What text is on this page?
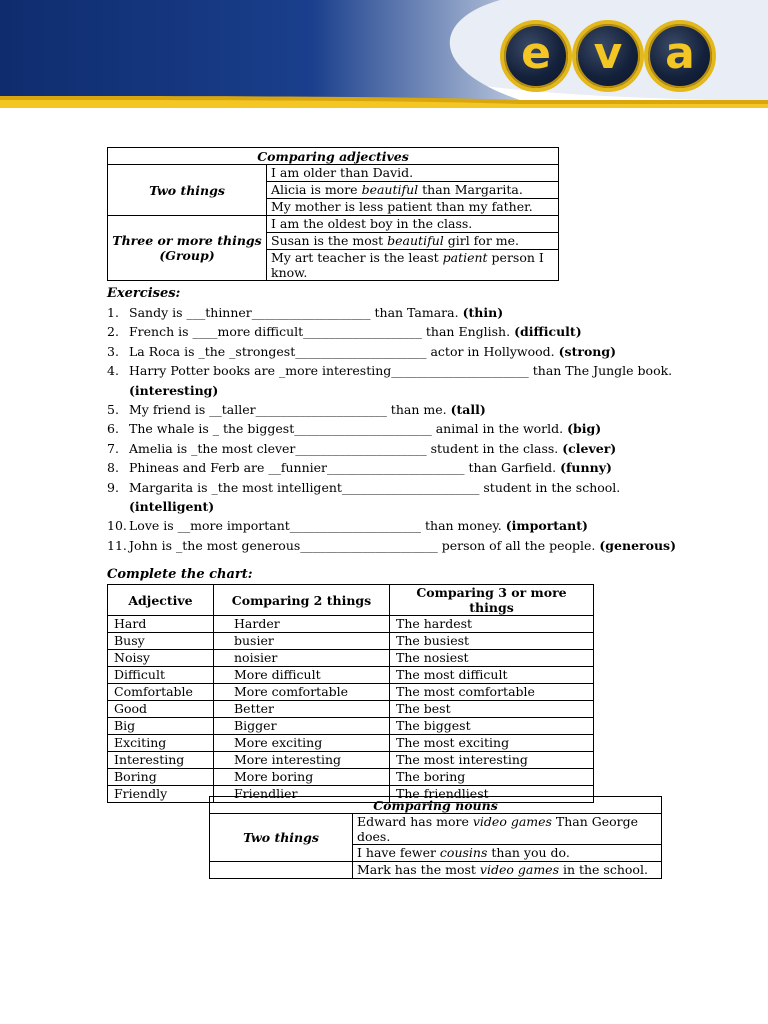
e v a
Comparing adjectives	
Two things	I am older than David.
	Alicia is more beautiful than Margarita.
	My mother is less patient than my father.
Three or more things
(Group)	I am the oldest boy in the class.
	Susan is the most beautiful girl for me.
	My art teacher is the least patient person I know.
Exercises:
1. Sandy is ___thinner___________________ than Tamara. (thin)
2. French is ____more difficult___________________ than English. (difficult)
3. La Roca is _the _strongest_____________________ actor in Hollywood. (strong)
4. Harry Potter books are _more interesting______________________ than The Jungle book.
(interesting)
5. My friend is __taller_____________________ than me. (tall)
6. The whale is _ the biggest______________________ animal in the world. (big)
7. Amelia is _the most clever_____________________ student in the class. (clever)
8. Phineas and Ferb are __funnier______________________ than Garfield. (funny)
9. Margarita is _the most intelligent______________________ student in the school.
(intelligent)
10. Love is __more important_____________________ than money. (important)
11. John is _the most generous______________________ person of all the people. (generous)
Complete the chart:
Adjective	Comparing 2 things	Comparing 3 or more things
Hard	Harder	The hardest
Busy	busier	The busiest
Noisy	noisier	The nosiest
Difficult	More difficult	The most difficult
Comfortable	More comfortable	The most comfortable
Good	Better	The best
Big	Bigger	The biggest
Exciting	More exciting	The most exciting
Interesting	More interesting	The most interesting
Boring	More boring	The boring
Friendly	Friendlier	The friendliest
Comparing nouns	
Two things	Edward has more video games Than George does.
	I have fewer cousins than you do.
	Mark has the most video games in the school.
